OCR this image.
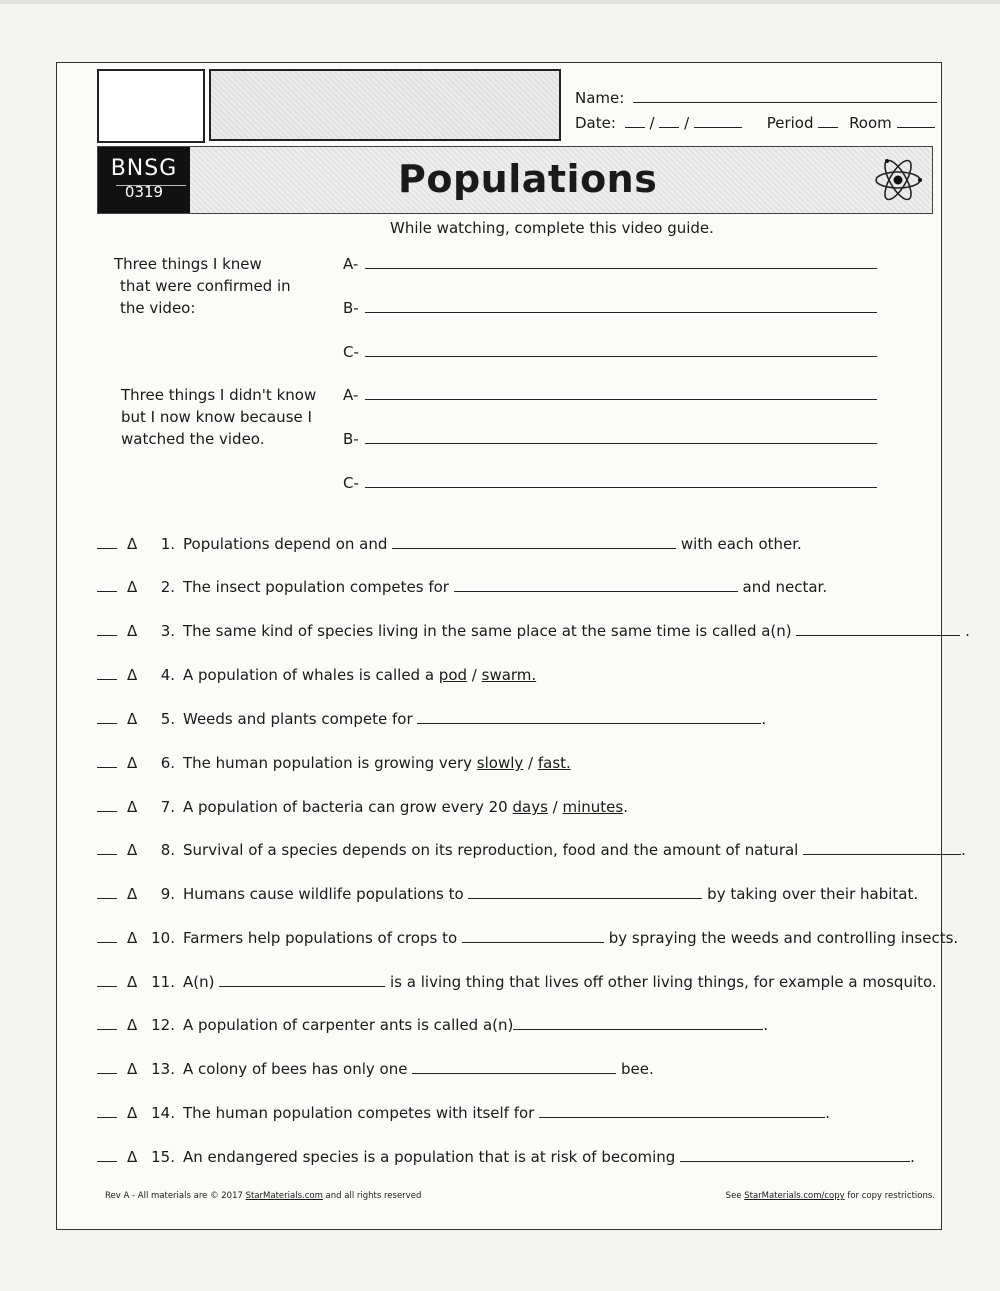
Name:
Date: / /	Period Room
BNSG
0319	Populations
While watching, complete this video guide.
Three things I knew
that were confirmed in
the video:
A-
B-
C-
Three things I didn't know
but I now know because I
watched the video.
A-
B-
C-
Δ 1. Populations depend on and	with each other.
Δ 2. The insect population competes for	and nectar.
Δ 3. The same kind of species living in the same place at the same time is called a(n)	.
Δ 4. A population of whales is called a pod / swarm.
Δ 5. Weeds and plants compete for	.
Δ 6. The human population is growing very slowly / fast.
Δ 7. A population of bacteria can grow every 20 days / minutes.
Δ 8. Survival of a species depends on its reproduction, food and the amount of natural	.
Δ 9. Humans cause wildlife populations to	by taking over their habitat.
Δ 10. Farmers help populations of crops to	by spraying the weeds and controlling insects.
Δ 11. A(n)	is a living thing that lives off other living things, for example a mosquito.
Δ 12. A population of carpenter ants is called a(n)	.
Δ 13. A colony of bees has only one	bee.
Δ 14. The human population competes with itself for	.
Δ 15. An endangered species is a population that is at risk of becoming	.
Rev A - All materials are © 2017 StarMaterials.com and all rights reserved	See StarMaterials.com/copy for copy restrictions.
